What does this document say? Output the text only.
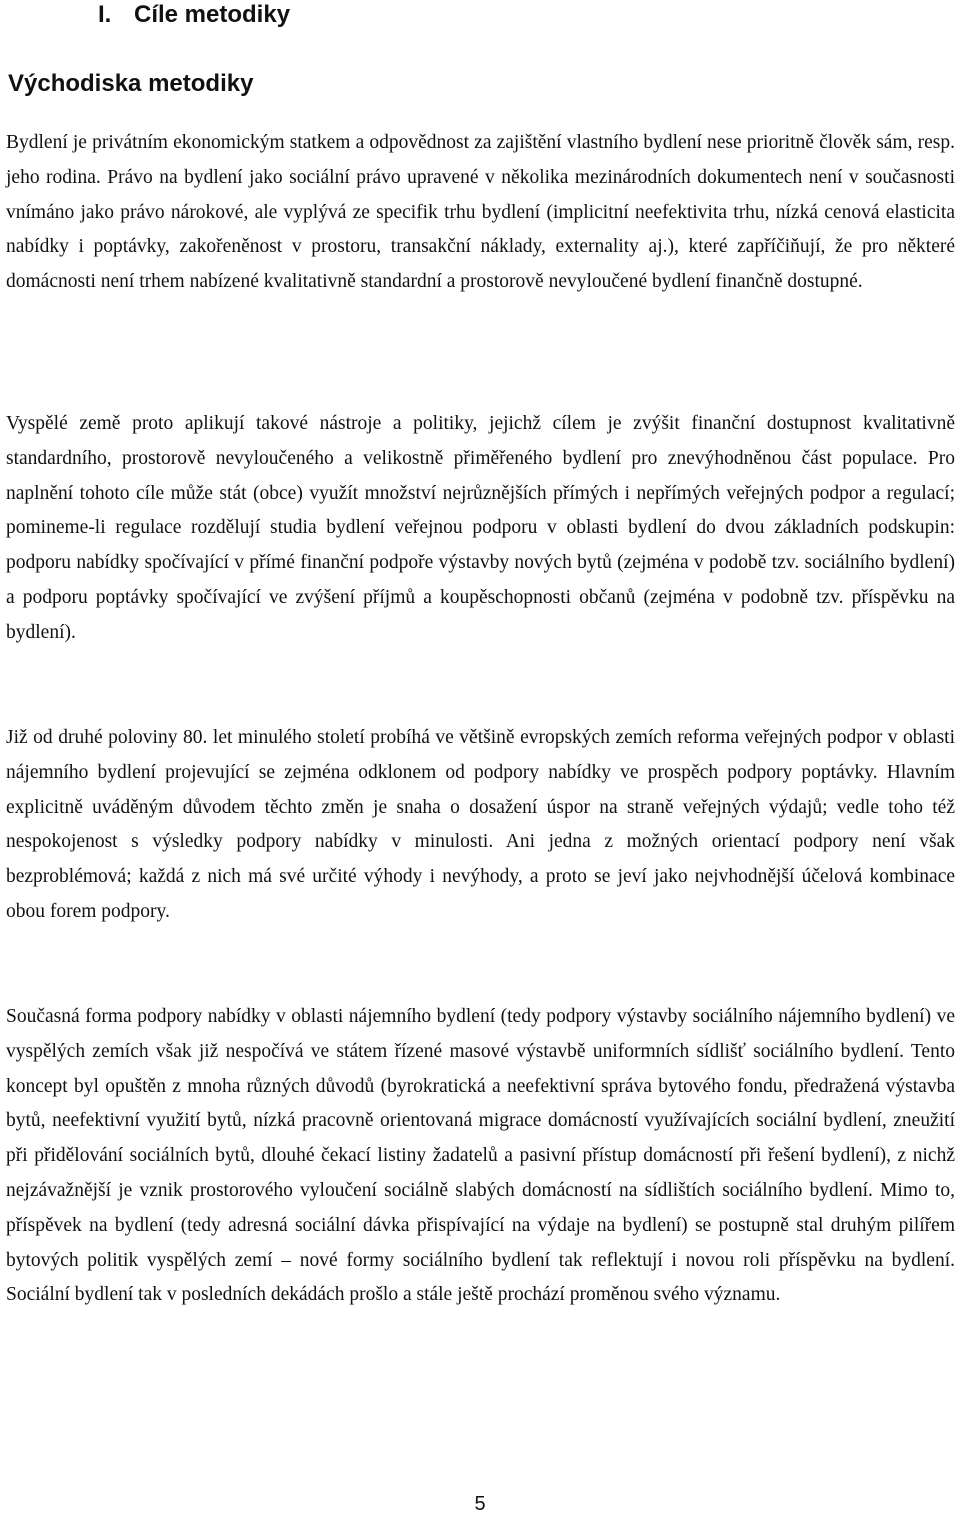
I. Cíle metodiky
Východiska metodiky

Bydlení je privátním ekonomickým statkem a odpovědnost za zajištění vlastního bydlení nese prioritně člověk sám, resp. jeho rodina. Právo na bydlení jako sociální právo upravené v několika mezinárodních dokumentech není v současnosti vnímáno jako právo nárokové, ale vyplývá ze specifik trhu bydlení (implicitní neefektivita trhu, nízká cenová elasticita nabídky i poptávky, zakořeněnost v prostoru, transakční náklady, externality aj.), které zapříčiňují, že pro některé domácnosti není trhem nabízené kvalitativně standardní a prostorově nevyloučené bydlení finančně dostupné.

Vyspělé země proto aplikují takové nástroje a politiky, jejichž cílem je zvýšit finanční dostupnost kvalitativně standardního, prostorově nevyloučeného a velikostně přiměřeného bydlení pro znevýhodněnou část populace. Pro naplnění tohoto cíle může stát (obce) využít množství nejrůznějších přímých i nepřímých veřejných podpor a regulací; pomineme-li regulace rozdělují studia bydlení veřejnou podporu v oblasti bydlení do dvou základních podskupin: podporu nabídky spočívající v přímé finanční podpoře výstavby nových bytů (zejména v podobě tzv. sociálního bydlení) a podporu poptávky spočívající ve zvýšení příjmů a koupěschopnosti občanů (zejména v podobně tzv. příspěvku na bydlení).

Již od druhé poloviny 80. let minulého století probíhá ve většině evropských zemích reforma veřejných podpor v oblasti nájemního bydlení projevující se zejména odklonem od podpory nabídky ve prospěch podpory poptávky. Hlavním explicitně uváděným důvodem těchto změn je snaha o dosažení úspor na straně veřejných výdajů; vedle toho též nespokojenost s výsledky podpory nabídky v minulosti. Ani jedna z možných orientací podpory není však bezproblémová; každá z nich má své určité výhody i nevýhody, a proto se jeví jako nejvhodnější účelová kombinace obou forem podpory.

Současná forma podpory nabídky v oblasti nájemního bydlení (tedy podpory výstavby sociálního nájemního bydlení) ve vyspělých zemích však již nespočívá ve státem řízené masové výstavbě uniformních sídlišť sociálního bydlení. Tento koncept byl opuštěn z mnoha různých důvodů (byrokratická a neefektivní správa bytového fondu, předražená výstavba bytů, neefektivní využití bytů, nízká pracovně orientovaná migrace domácností využívajících sociální bydlení, zneužití při přidělování sociálních bytů, dlouhé čekací listiny žadatelů a pasivní přístup domácností při řešení bydlení), z nichž nejzávažnější je vznik prostorového vyloučení sociálně slabých domácností na sídlištích sociálního bydlení. Mimo to, příspěvek na bydlení (tedy adresná sociální dávka přispívající na výdaje na bydlení) se postupně stal druhým pilířem bytových politik vyspělých zemí – nové formy sociálního bydlení tak reflektují i novou roli příspěvku na bydlení. Sociální bydlení tak v posledních dekádách prošlo a stále ještě prochází proměnou svého významu.

5
